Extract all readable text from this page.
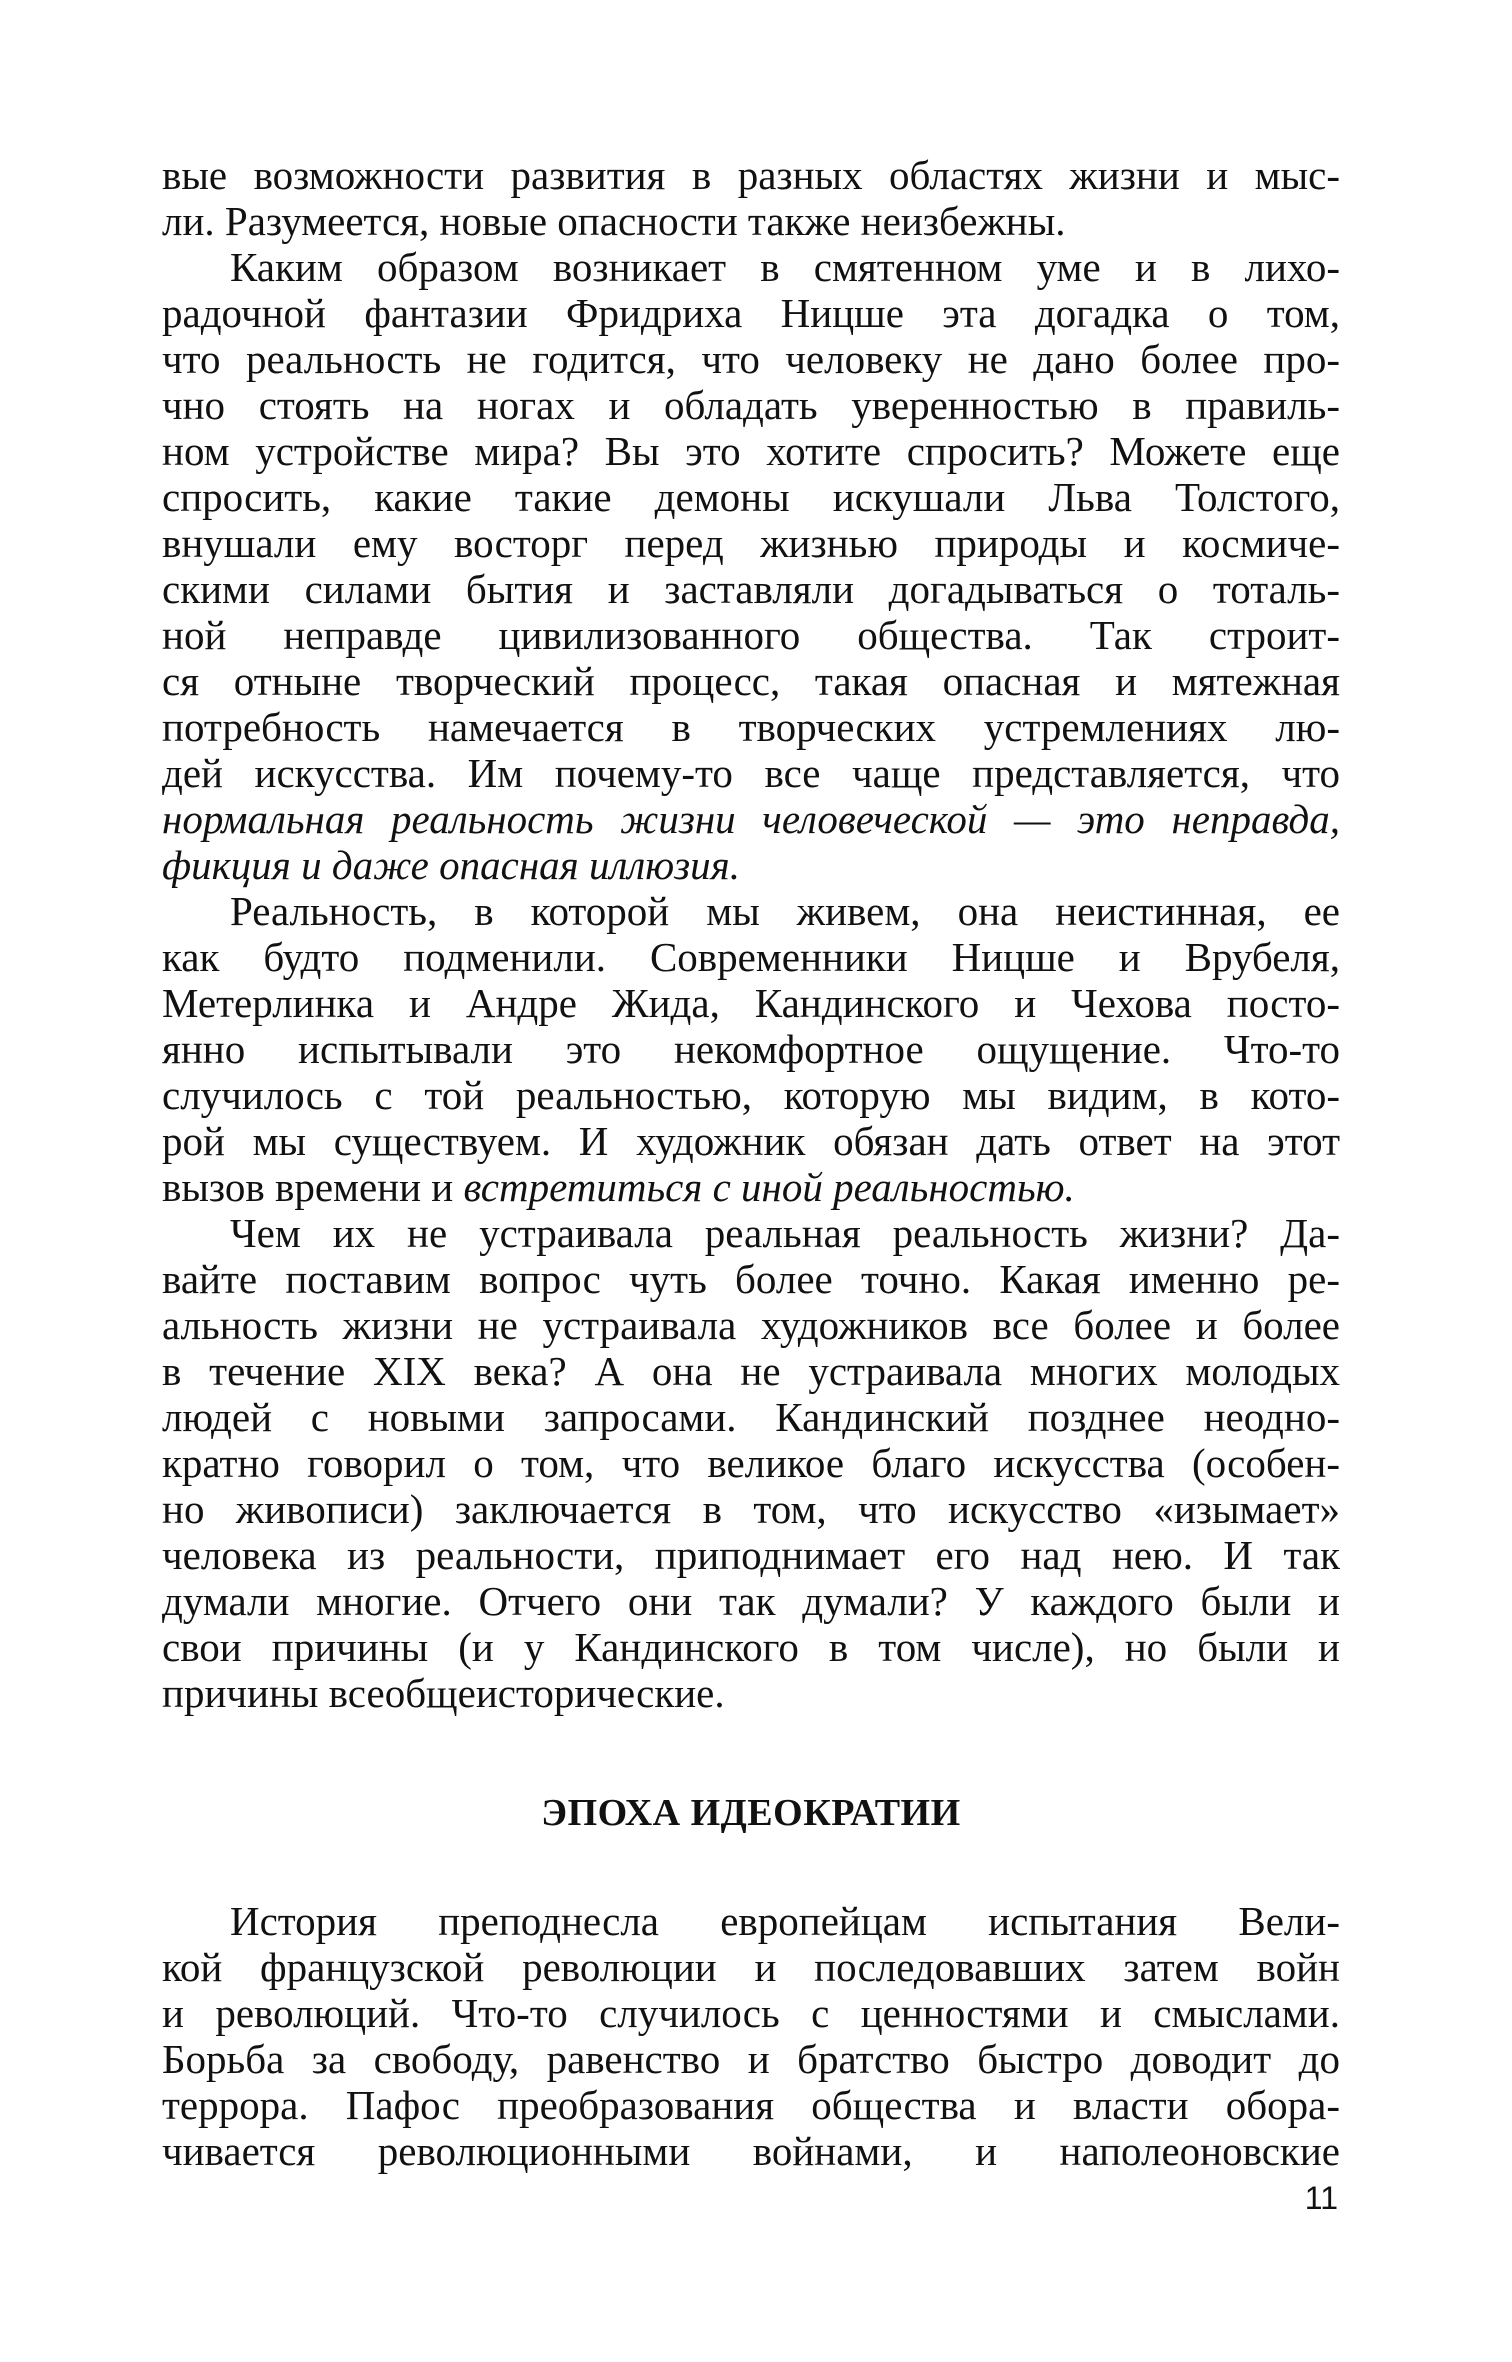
вые возможности развития в разных областях жизни и мыс-
ли. Разумеется, новые опасности также неизбежны.
Каким образом возникает в смятенном уме и в лихо-
радочной фантазии Фридриха Ницше эта догадка о том,
что реальность не годится, что человеку не дано более про-
чно стоять на ногах и обладать уверенностью в правиль-
ном устройстве мира? Вы это хотите спросить? Можете еще
спросить, какие такие демоны искушали Льва Толстого,
внушали ему восторг перед жизнью природы и космиче-
скими силами бытия и заставляли догадываться о тоталь-
ной неправде цивилизованного общества. Так строит-
ся отныне творческий процесс, такая опасная и мятежная
потребность намечается в творческих устремлениях лю-
дей искусства. Им почему-то все чаще представляется, что
нормальная реальность жизни человеческой — это неправда,
фикция и даже опасная иллюзия.
Реальность, в которой мы живем, она неистинная, ее
как будто подменили. Современники Ницше и Врубеля,
Метерлинка и Андре Жида, Кандинского и Чехова посто-
янно испытывали это некомфортное ощущение. Что-то
случилось с той реальностью, которую мы видим, в кото-
рой мы существуем. И художник обязан дать ответ на этот
вызов времени и встретиться с иной реальностью.
Чем их не устраивала реальная реальность жизни? Да-
вайте поставим вопрос чуть более точно. Какая именно ре-
альность жизни не устраивала художников все более и более
в течение XIX века? А она не устраивала многих молодых
людей с новыми запросами. Кандинский позднее неодно-
кратно говорил о том, что великое благо искусства (особен-
но живописи) заключается в том, что искусство «изымает»
человека из реальности, приподнимает его над нею. И так
думали многие. Отчего они так думали? У каждого были и
свои причины (и у Кандинского в том числе), но были и
причины всеобщеисторические.
ЭПОХА ИДЕОКРАТИИ
История преподнесла европейцам испытания Вели-
кой французской революции и последовавших затем войн
и революций. Что-то случилось с ценностями и смыслами.
Борьба за свободу, равенство и братство быстро доводит до
террора. Пафос преобразования общества и власти обора-
чивается революционными войнами, и наполеоновские
11
